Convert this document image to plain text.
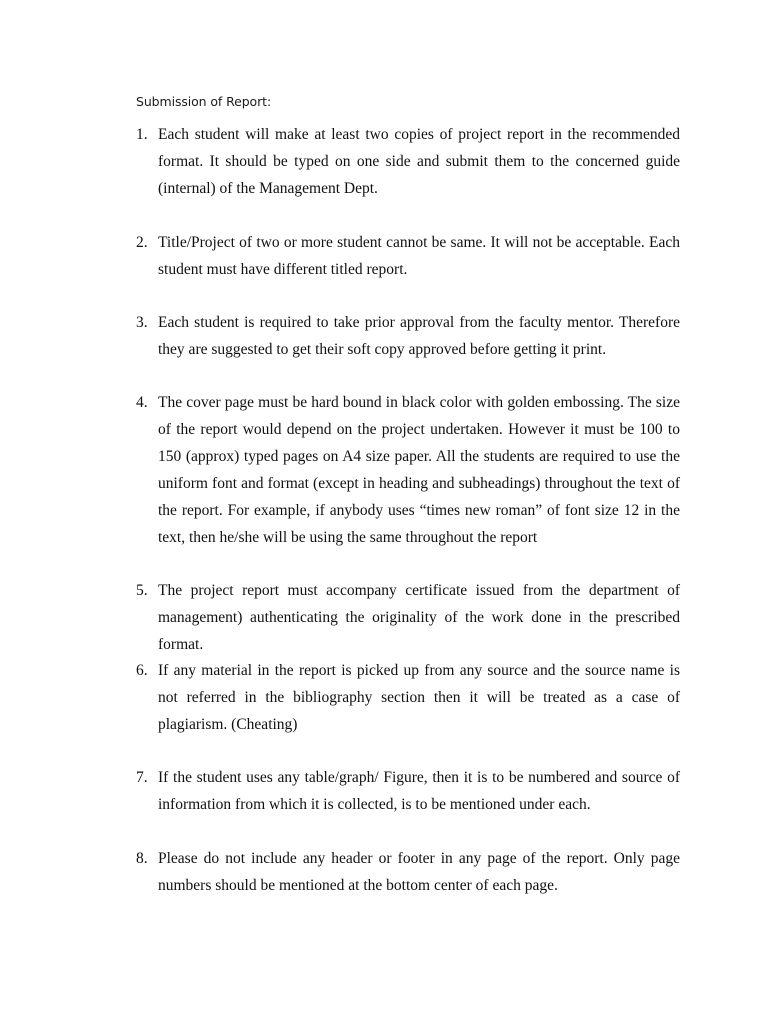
Submission of Report:

1. Each student will make at least two copies of project report in the recommended format. It should be typed on one side and submit them to the concerned guide (internal) of the Management Dept.
2. Title/Project of two or more student cannot be same. It will not be acceptable. Each student must have different titled report.
3. Each student is required to take prior approval from the faculty mentor. Therefore they are suggested to get their soft copy approved before getting it print.
4. The cover page must be hard bound in black color with golden embossing. The size of the report would depend on the project undertaken. However it must be 100 to 150 (approx) typed pages on A4 size paper. All the students are required to use the uniform font and format (except in heading and subheadings) throughout the text of the report. For example, if anybody uses “times new roman” of font size 12 in the text, then he/she will be using the same throughout the report
5. The project report must accompany certificate issued from the department of management) authenticating the originality of the work done in the prescribed format.
6. If any material in the report is picked up from any source and the source name is not referred in the bibliography section then it will be treated as a case of plagiarism. (Cheating)
7. If the student uses any table/graph/ Figure, then it is to be numbered and source of information from which it is collected, is to be mentioned under each.
8. Please do not include any header or footer in any page of the report. Only page numbers should be mentioned at the bottom center of each page.
